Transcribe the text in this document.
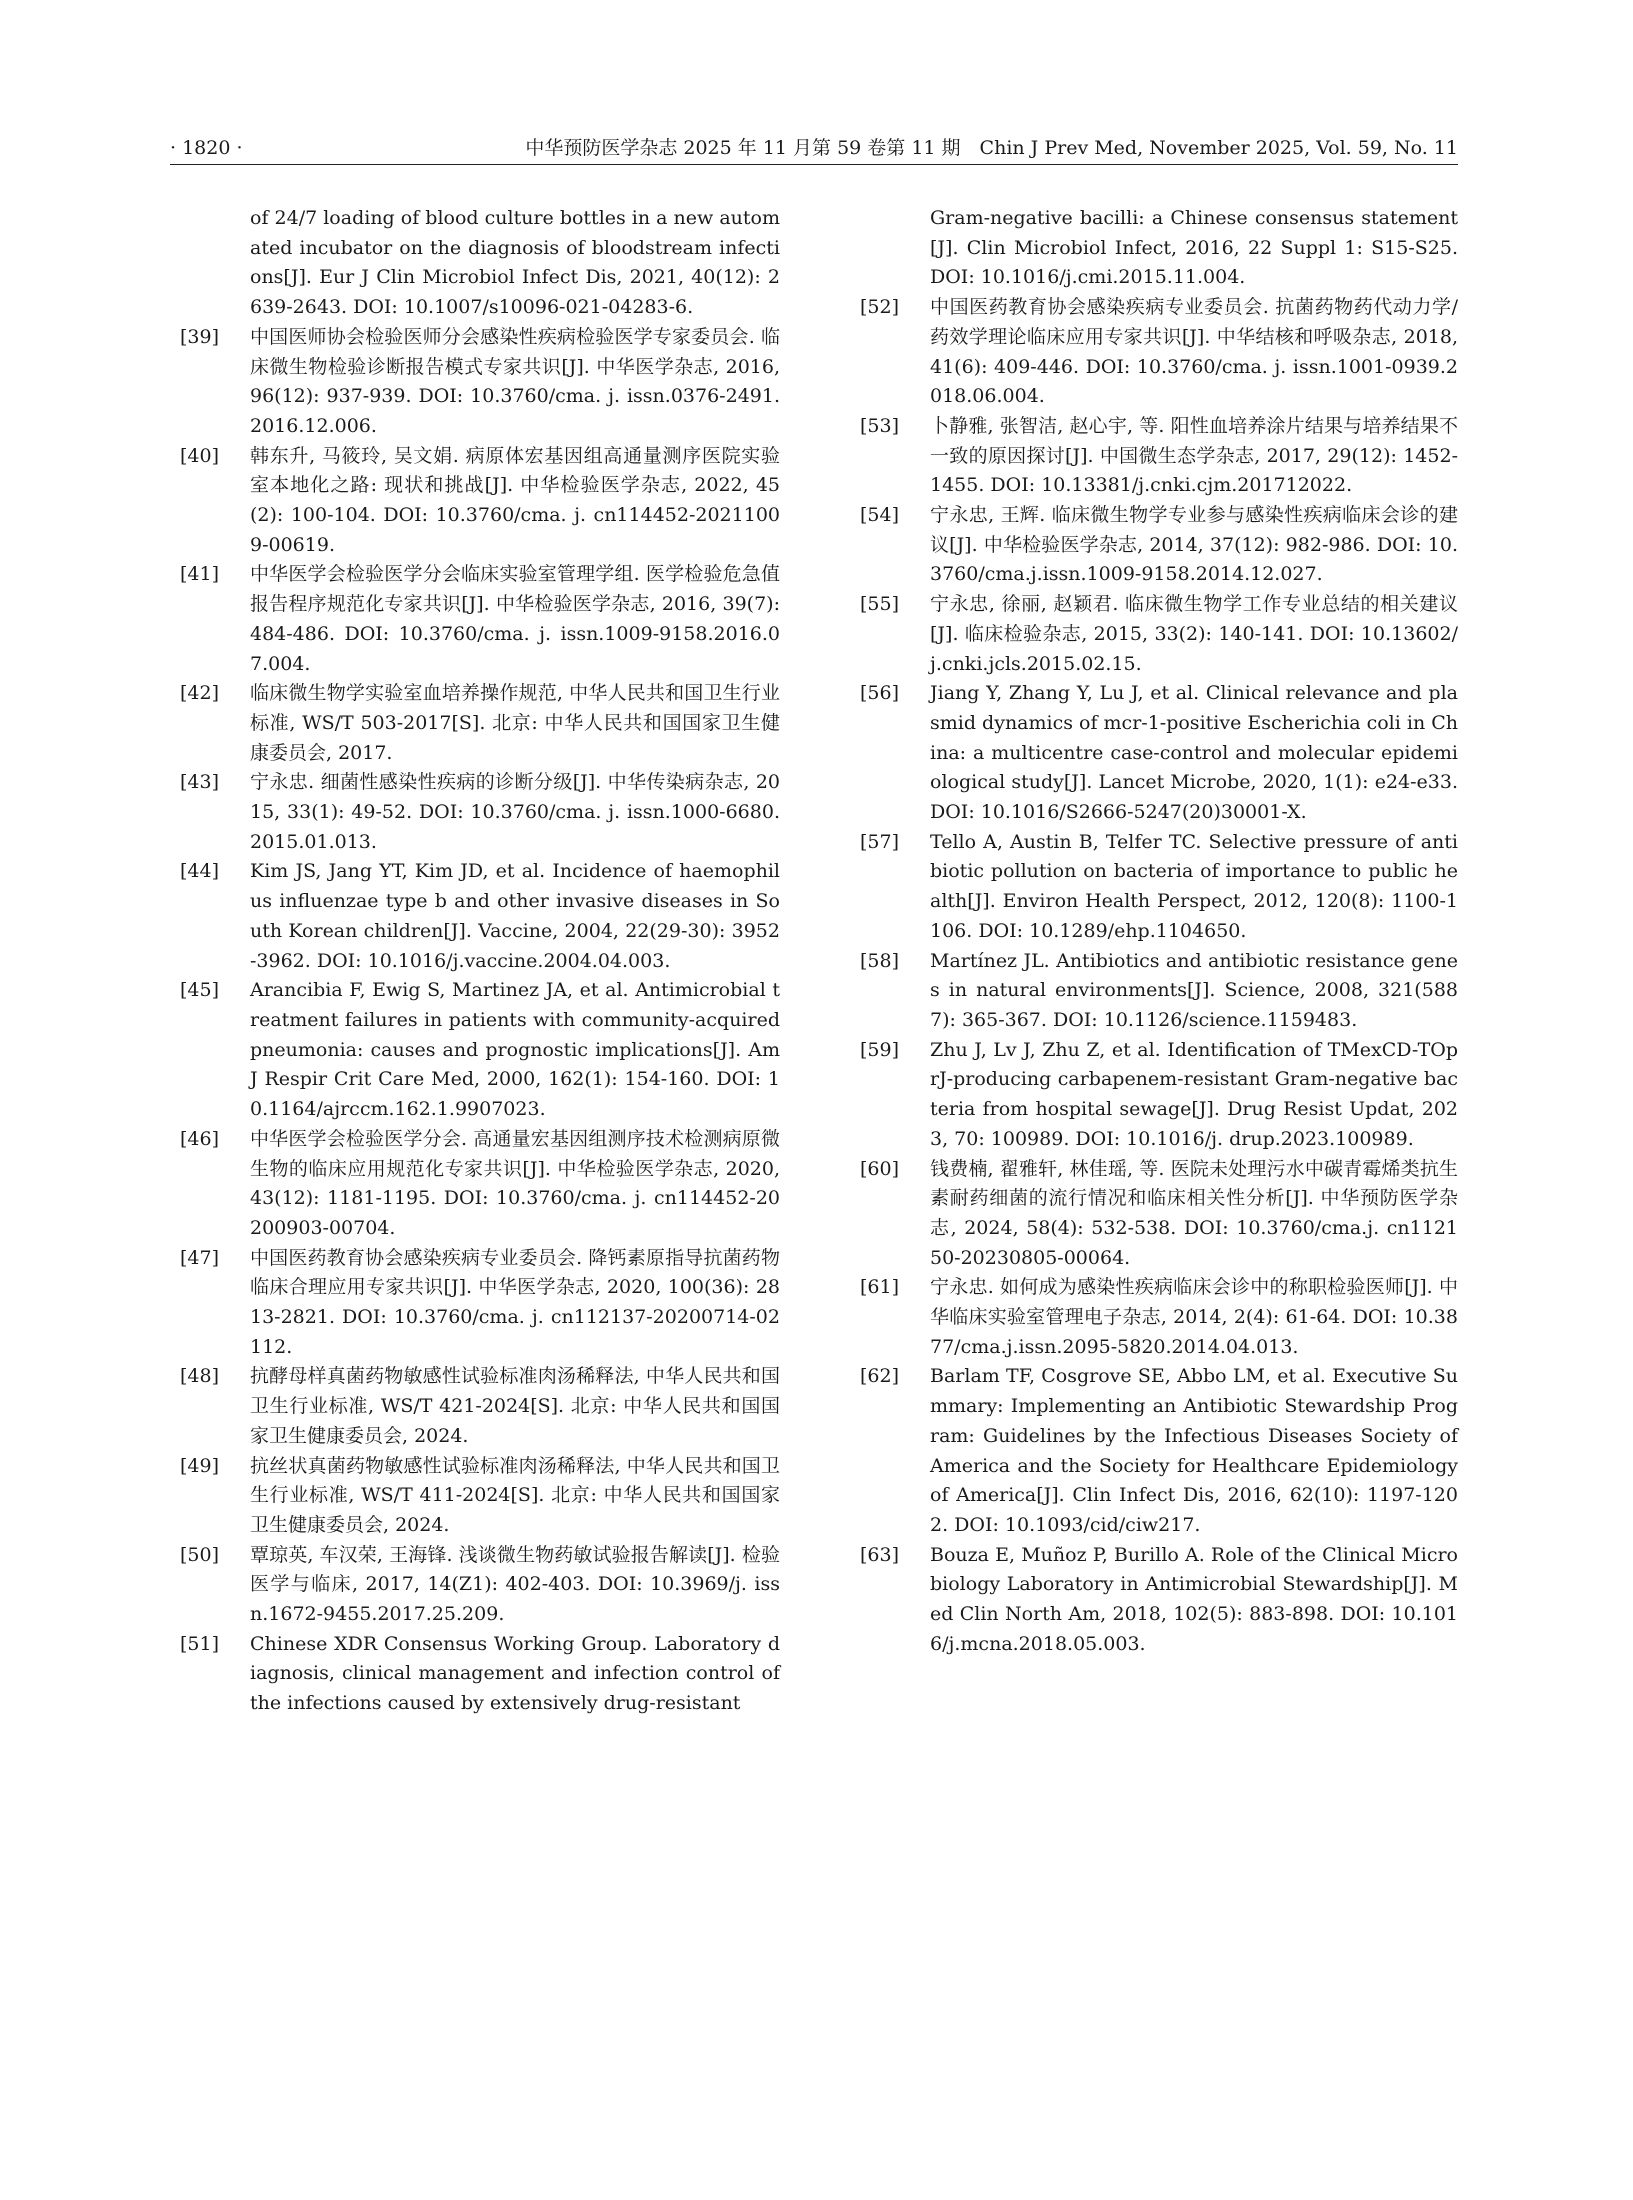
· 1820 ·	中华预防医学杂志 2025 年 11 月第 59 卷第 11 期　Chin J Prev Med, November 2025, Vol. 59, No. 11
of 24/7 loading of blood culture bottles in a new automated incubator on the diagnosis of bloodstream infections[J]. Eur J Clin Microbiol Infect Dis, 2021, 40(12): 2639-2643. DOI: 10.1007/s10096-021-04283-6.
[39]	中国医师协会检验医师分会感染性疾病检验医学专家委员会. 临床微生物检验诊断报告模式专家共识[J]. 中华医学杂志, 2016, 96(12): 937-939. DOI: 10.3760/cma. j. issn.0376-2491.2016.12.006.
[40]	韩东升, 马筱玲, 吴文娟. 病原体宏基因组高通量测序医院实验室本地化之路: 现状和挑战[J]. 中华检验医学杂志, 2022, 45(2): 100-104. DOI: 10.3760/cma. j. cn114452-20211009-00619.
[41]	中华医学会检验医学分会临床实验室管理学组. 医学检验危急值报告程序规范化专家共识[J]. 中华检验医学杂志, 2016, 39(7): 484-486. DOI: 10.3760/cma. j. issn.1009-9158.2016.07.004.
[42]	临床微生物学实验室血培养操作规范, 中华人民共和国卫生行业标准, WS/T 503-2017[S]. 北京: 中华人民共和国国家卫生健康委员会, 2017.
[43]	宁永忠. 细菌性感染性疾病的诊断分级[J]. 中华传染病杂志, 2015, 33(1): 49-52. DOI: 10.3760/cma. j. issn.1000-6680.2015.01.013.
[44]	Kim JS, Jang YT, Kim JD, et al. Incidence of haemophilus influenzae type b and other invasive diseases in South Korean children[J]. Vaccine, 2004, 22(29-30): 3952-3962. DOI: 10.1016/j.vaccine.2004.04.003.
[45]	Arancibia F, Ewig S, Martinez JA, et al. Antimicrobial treatment failures in patients with community-acquired pneumonia: causes and prognostic implications[J]. Am J Respir Crit Care Med, 2000, 162(1): 154-160. DOI: 10.1164/ajrccm.162.1.9907023.
[46]	中华医学会检验医学分会. 高通量宏基因组测序技术检测病原微生物的临床应用规范化专家共识[J]. 中华检验医学杂志, 2020, 43(12): 1181-1195. DOI: 10.3760/cma. j. cn114452-20200903-00704.
[47]	中国医药教育协会感染疾病专业委员会. 降钙素原指导抗菌药物临床合理应用专家共识[J]. 中华医学杂志, 2020, 100(36): 2813-2821. DOI: 10.3760/cma. j. cn112137-20200714-02112.
[48]	抗酵母样真菌药物敏感性试验标准肉汤稀释法, 中华人民共和国卫生行业标准, WS/T 421-2024[S]. 北京: 中华人民共和国国家卫生健康委员会, 2024.
[49]	抗丝状真菌药物敏感性试验标准肉汤稀释法, 中华人民共和国卫生行业标准, WS/T 411-2024[S]. 北京: 中华人民共和国国家卫生健康委员会, 2024.
[50]	覃琼英, 车汉荣, 王海锋. 浅谈微生物药敏试验报告解读[J]. 检验医学与临床, 2017, 14(Z1): 402-403. DOI: 10.3969/j. issn.1672-9455.2017.25.209.
[51]	Chinese XDR Consensus Working Group. Laboratory diagnosis, clinical management and infection control of the infections caused by extensively drug-resistant
Gram-negative bacilli: a Chinese consensus statement[J]. Clin Microbiol Infect, 2016, 22 Suppl 1: S15-S25. DOI: 10.1016/j.cmi.2015.11.004.
[52]	中国医药教育协会感染疾病专业委员会. 抗菌药物药代动力学/药效学理论临床应用专家共识[J]. 中华结核和呼吸杂志, 2018, 41(6): 409-446. DOI: 10.3760/cma. j. issn.1001-0939.2018.06.004.
[53]	卜静雅, 张智洁, 赵心宇, 等. 阳性血培养涂片结果与培养结果不一致的原因探讨[J]. 中国微生态学杂志, 2017, 29(12): 1452-1455. DOI: 10.13381/j.cnki.cjm.201712022.
[54]	宁永忠, 王辉. 临床微生物学专业参与感染性疾病临床会诊的建议[J]. 中华检验医学杂志, 2014, 37(12): 982-986. DOI: 10.3760/cma.j.issn.1009-9158.2014.12.027.
[55]	宁永忠, 徐丽, 赵颖君. 临床微生物学工作专业总结的相关建议[J]. 临床检验杂志, 2015, 33(2): 140-141. DOI: 10.13602/j.cnki.jcls.2015.02.15.
[56]	Jiang Y, Zhang Y, Lu J, et al. Clinical relevance and plasmid dynamics of mcr-1-positive Escherichia coli in China: a multicentre case-control and molecular epidemiological study[J]. Lancet Microbe, 2020, 1(1): e24-e33. DOI: 10.1016/S2666-5247(20)30001-X.
[57]	Tello A, Austin B, Telfer TC. Selective pressure of antibiotic pollution on bacteria of importance to public health[J]. Environ Health Perspect, 2012, 120(8): 1100-1106. DOI: 10.1289/ehp.1104650.
[58]	Martínez JL. Antibiotics and antibiotic resistance genes in natural environments[J]. Science, 2008, 321(5887): 365-367. DOI: 10.1126/science.1159483.
[59]	Zhu J, Lv J, Zhu Z, et al. Identification of TMexCD-TOprJ-producing carbapenem-resistant Gram-negative bacteria from hospital sewage[J]. Drug Resist Updat, 2023, 70: 100989. DOI: 10.1016/j. drup.2023.100989.
[60]	钱费楠, 翟雅轩, 林佳瑶, 等. 医院未处理污水中碳青霉烯类抗生素耐药细菌的流行情况和临床相关性分析[J]. 中华预防医学杂志, 2024, 58(4): 532-538. DOI: 10.3760/cma.j. cn112150-20230805-00064.
[61]	宁永忠. 如何成为感染性疾病临床会诊中的称职检验医师[J]. 中华临床实验室管理电子杂志, 2014, 2(4): 61-64. DOI: 10.3877/cma.j.issn.2095-5820.2014.04.013.
[62]	Barlam TF, Cosgrove SE, Abbo LM, et al. Executive Summary: Implementing an Antibiotic Stewardship Program: Guidelines by the Infectious Diseases Society of America and the Society for Healthcare Epidemiology of America[J]. Clin Infect Dis, 2016, 62(10): 1197-1202. DOI: 10.1093/cid/ciw217.
[63]	Bouza E, Muñoz P, Burillo A. Role of the Clinical Microbiology Laboratory in Antimicrobial Stewardship[J]. Med Clin North Am, 2018, 102(5): 883-898. DOI: 10.1016/j.mcna.2018.05.003.
